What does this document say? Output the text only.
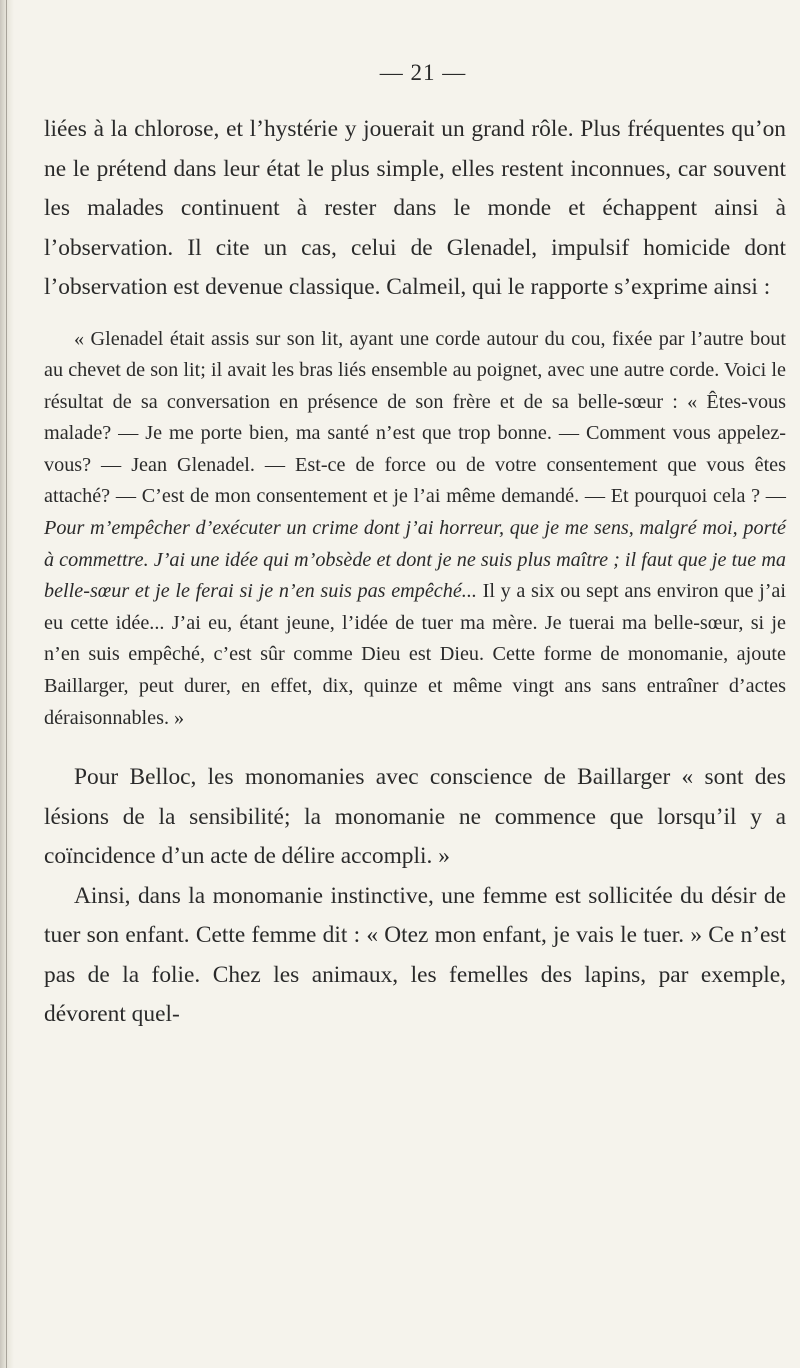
— 21 —

liées à la chlorose, et l’hystérie y jouerait un grand rôle. Plus fréquentes qu’on ne le prétend dans leur état le plus simple, elles restent inconnues, car souvent les malades continuent à rester dans le monde et échappent ainsi à l’observation. Il cite un cas, celui de Glenadel, impulsif homicide dont l’observation est devenue classique. Calmeil, qui le rapporte s’exprime ainsi :

« Glenadel était assis sur son lit, ayant une corde autour du cou, fixée par l’autre bout au chevet de son lit; il avait les bras liés ensemble au poignet, avec une autre corde. Voici le résultat de sa conversation en présence de son frère et de sa belle-sœur : « Êtes-vous malade? — Je me porte bien, ma santé n’est que trop bonne. — Comment vous appelez-vous? — Jean Glenadel. — Est-ce de force ou de votre consentement que vous êtes attaché? — C’est de mon consentement et je l’ai même demandé. — Et pourquoi cela ? — Pour m’empêcher d’exécuter un crime dont j’ai horreur, que je me sens, malgré moi, porté à commettre. J’ai une idée qui m’obsède et dont je ne suis plus maître ; il faut que je tue ma belle-sœur et je le ferai si je n’en suis pas empêché... Il y a six ou sept ans environ que j’ai eu cette idée... J’ai eu, étant jeune, l’idée de tuer ma mère. Je tuerai ma belle-sœur, si je n’en suis empêché, c’est sûr comme Dieu est Dieu. Cette forme de monomanie, ajoute Baillarger, peut durer, en effet, dix, quinze et même vingt ans sans entraîner d’actes déraisonnables. »

Pour Belloc, les monomanies avec conscience de Baillarger « sont des lésions de la sensibilité; la monomanie ne commence que lorsqu’il y a coïncidence d’un acte de délire accompli. »

Ainsi, dans la monomanie instinctive, une femme est sollicitée du désir de tuer son enfant. Cette femme dit : « Otez mon enfant, je vais le tuer. » Ce n’est pas de la folie. Chez les animaux, les femelles des lapins, par exemple, dévorent quel-
